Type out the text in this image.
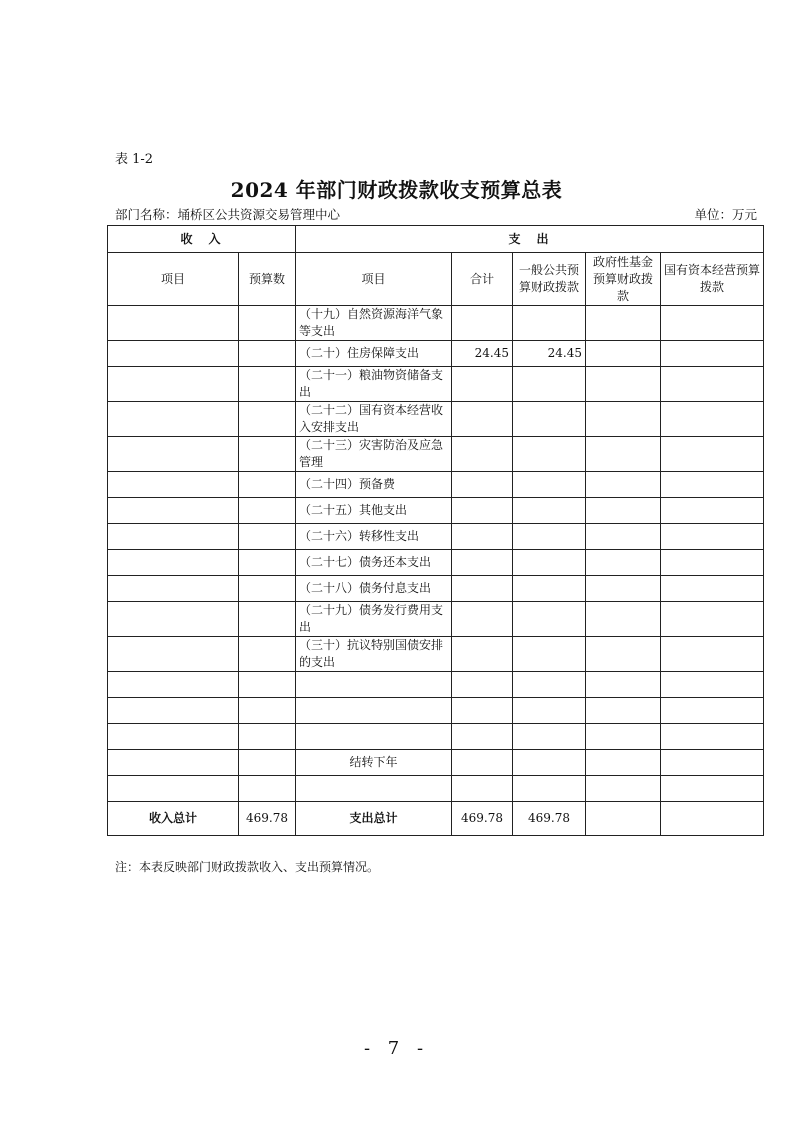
表 1-2
2024 年部门财政拨款收支预算总表
部门名称：埇桥区公共资源交易管理中心	单位：万元
收　入		支　出				
项目	预算数	项目	合计	一般公共预算财政拨款	政府性基金预算财政拨款	国有资本经营预算拨款
		（十九）自然资源海洋气象等支出				
		（二十）住房保障支出	24.45	24.45		
		（二十一）粮油物资储备支出				
		（二十二）国有资本经营收入安排支出				
		（二十三）灾害防治及应急管理				
		（二十四）预备费				
		（二十五）其他支出				
		（二十六）转移性支出				
		（二十七）债务还本支出				
		（二十八）债务付息支出				
		（二十九）债务发行费用支出				
		（三十）抗议特别国债安排的支出				

		结转下年				

收入总计	469.78	支出总计	469.78	469.78		
注：本表反映部门财政拨款收入、支出预算情况。
- 7 -
